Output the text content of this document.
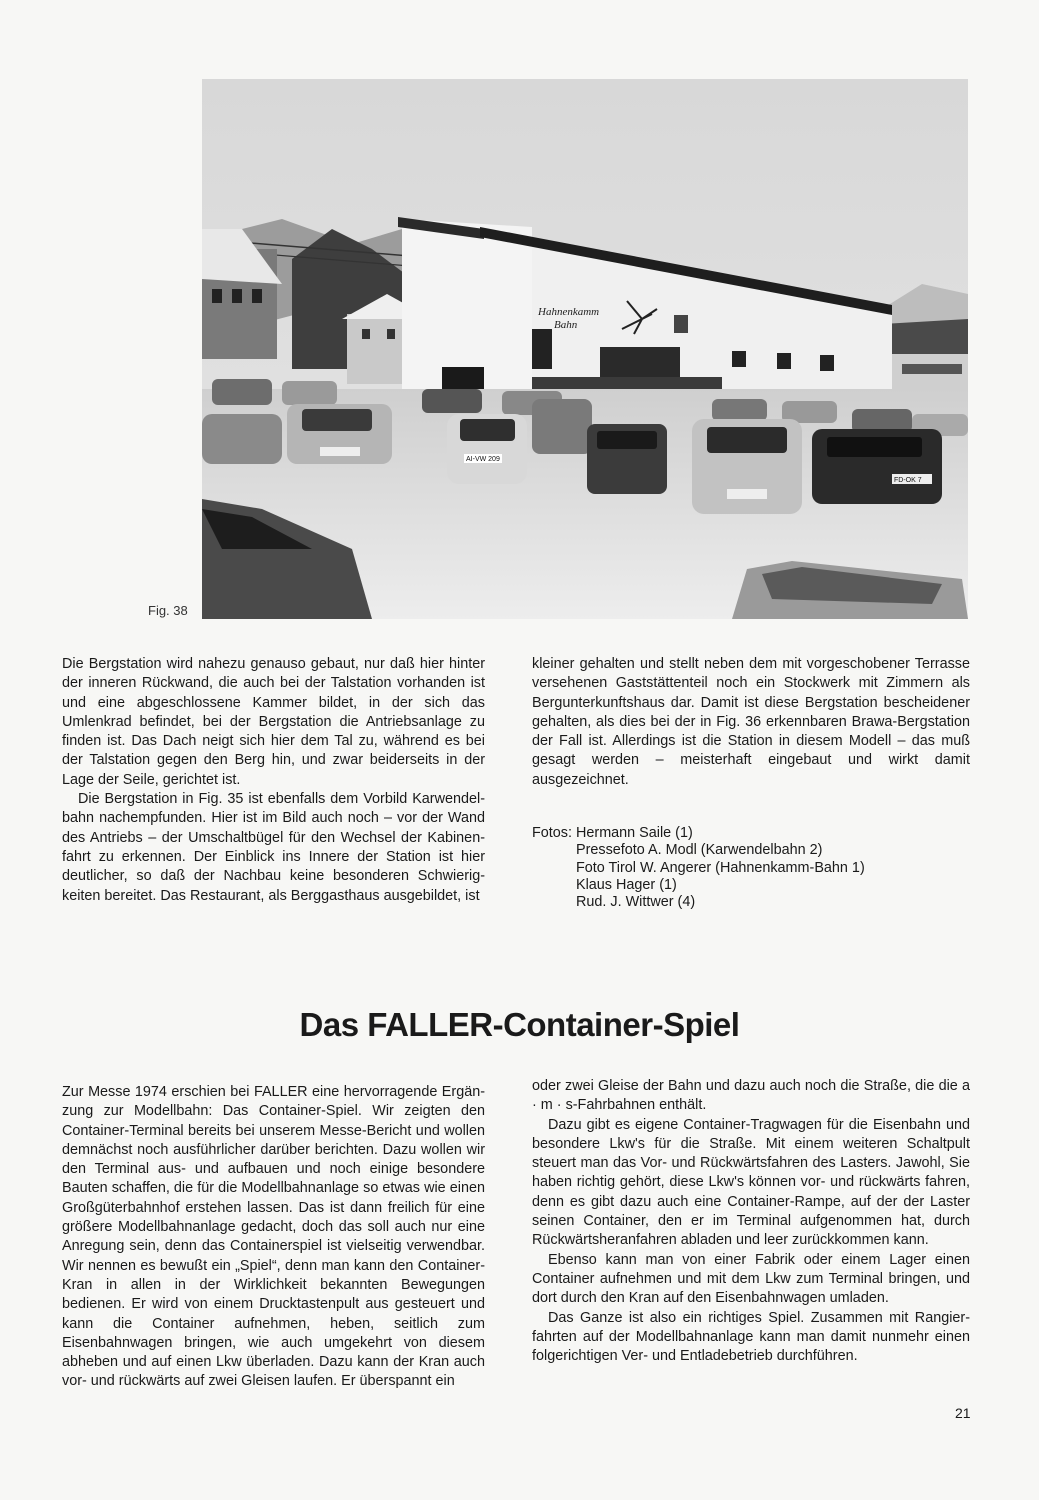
Hahnenkamm
Bahn
AI-VW 209
FD-OK 7
Fig. 38

Die Bergstation wird nahezu genauso gebaut, nur daß hier hinter der inneren Rückwand, die auch bei der Talstation vorhanden ist und eine abgeschlossene Kammer bildet, in der sich das Umlenkrad befindet, bei der Bergstation die Antriebsanlage zu finden ist. Das Dach neigt sich hier dem Tal zu, während es bei der Talstation gegen den Berg hin, und zwar beiderseits in der Lage der Seile, gerichtet ist.

Die Bergstation in Fig. 35 ist ebenfalls dem Vorbild Karwendelbahn nachempfunden. Hier ist im Bild auch noch – vor der Wand des Antriebs – der Umschaltbügel für den Wechsel der Kabinenfahrt zu erkennen. Der Einblick ins Innere der Station ist hier deutlicher, so daß der Nachbau keine besonderen Schwierigkeiten bereitet. Das Restaurant, als Berggasthaus ausgebildet, ist

kleiner gehalten und stellt neben dem mit vorgeschobener Terrasse versehenen Gaststättenteil noch ein Stockwerk mit Zimmern als Bergunterkunftshaus dar. Damit ist diese Bergstation bescheidener gehalten, als dies bei der in Fig. 36 erkennbaren Brawa-Bergstation der Fall ist. Allerdings ist die Station in diesem Modell – das muß gesagt werden – meisterhaft eingebaut und wirkt damit ausgezeichnet.

Fotos: Hermann Saile (1)
Pressefoto A. Modl (Karwendelbahn 2)
Foto Tirol W. Angerer (Hahnenkamm-Bahn 1)
Klaus Hager (1)
Rud. J. Wittwer (4)
Das FALLER-Container-Spiel

Zur Messe 1974 erschien bei FALLER eine hervorragende Ergänzung zur Modellbahn: Das Container-Spiel. Wir zeigten den Container-Terminal bereits bei unserem Messe-Bericht und wollen demnächst noch ausführlicher darüber berichten. Dazu wollen wir den Terminal aus- und aufbauen und noch einige besondere Bauten schaffen, die für die Modellbahnanlage so etwas wie einen Großgüterbahnhof erstehen lassen. Das ist dann freilich für eine größere Modellbahnanlage gedacht, doch das soll auch nur eine Anregung sein, denn das Containerspiel ist vielseitig verwendbar. Wir nennen es bewußt ein „Spiel“, denn man kann den Container-Kran in allen in der Wirklichkeit bekannten Bewegungen bedienen. Er wird von einem Drucktastenpult aus gesteuert und kann die Container aufnehmen, heben, seitlich zum Eisenbahnwagen bringen, wie auch umgekehrt von diesem abheben und auf einen Lkw überladen. Dazu kann der Kran auch vor- und rückwärts auf zwei Gleisen laufen. Er überspannt ein

oder zwei Gleise der Bahn und dazu auch noch die Straße, die die a · m · s-Fahrbahnen enthält.

Dazu gibt es eigene Container-Tragwagen für die Eisenbahn und besondere Lkw's für die Straße. Mit einem weiteren Schaltpult steuert man das Vor- und Rückwärtsfahren des Lasters. Jawohl, Sie haben richtig gehört, diese Lkw's können vor- und rückwärts fahren, denn es gibt dazu auch eine Container-Rampe, auf der der Laster seinen Container, den er im Terminal aufgenommen hat, durch Rückwärtsheranfahren abladen und leer zurückkommen kann.

Ebenso kann man von einer Fabrik oder einem Lager einen Container aufnehmen und mit dem Lkw zum Terminal bringen, und dort durch den Kran auf den Eisenbahnwagen umladen.

Das Ganze ist also ein richtiges Spiel. Zusammen mit Rangierfahrten auf der Modellbahnanlage kann man damit nunmehr einen folgerichtigen Ver- und Entladebetrieb durchführen.

21
